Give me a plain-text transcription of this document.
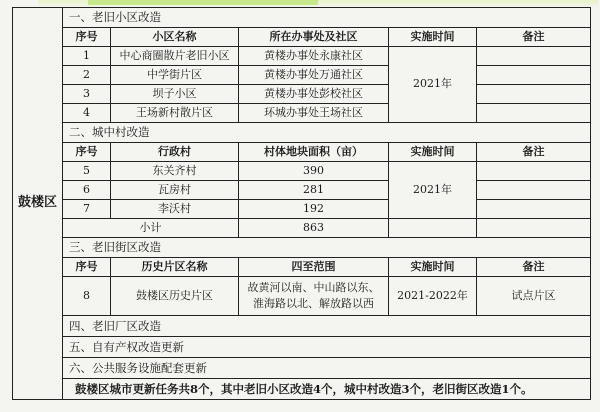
鼓楼区	一、老旧小区改造				
	序号	小区名称	所在办事处及社区	实施时间	备注
	1	中心商圈散片老旧小区	黄楼办事处永康社区	2021年	
	2	中学街片区	黄楼办事处万通社区		
	3	坝子小区	黄楼办事处彭校社区		
	4	王场新村散片区	环城办事处王场社区		
	二、城中村改造				
	序号	行政村	村体地块面积（亩）	实施时间	备注
	5	东关齐村	390	2021年	
	6	瓦房村	281		
	7	李沃村	192		
	小计		863		
	三、老旧街区改造				
	序号	历史片区名称	四至范围	实施时间	备注
	8	鼓楼区历史片区	故黄河以南、中山路以东、
淮海路以北、解放路以西	2021-2022年	试点片区
	四、老旧厂区改造				
	五、自有产权改造更新				
	六、公共服务设施配套更新				
	鼓楼区城市更新任务共8个，其中老旧小区改造4个，城中村改造3个，老旧街区改造1个。				
